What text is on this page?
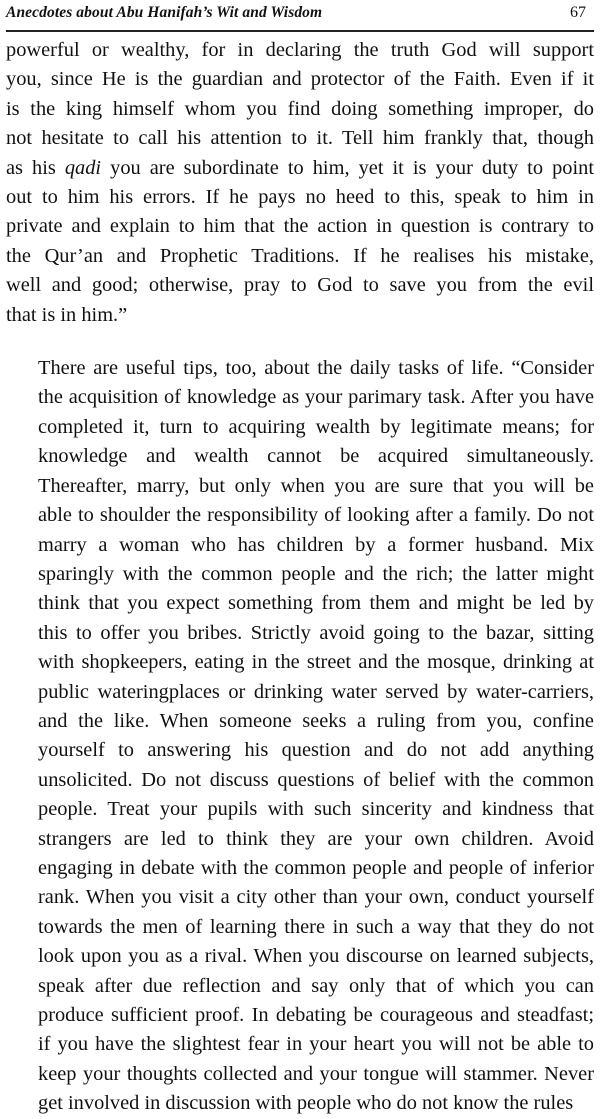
Anecdotes about Abu Hanifah’s Wit and Wisdom	67
powerful or wealthy, for in declaring the truth God will support
you, since He is the guardian and protector of the Faith. Even if it
is the king himself whom you find doing something improper, do
not hesitate to call his attention to it. Tell him frankly that, though
as his qadi you are subordinate to him, yet it is your duty to point
out to him his errors. If he pays no heed to this, speak to him in
private and explain to him that the action in question is contrary to
the Qur’an and Prophetic Traditions. If he realises his mistake,
well and good; otherwise, pray to God to save you from the evil
that is in him.”
There are useful tips, too, about the daily tasks of life. “Consider
the acquisition of knowledge as your parimary task. After you have
completed it, turn to acquiring wealth by legitimate means; for
knowledge and wealth cannot be acquired simultaneously.
Thereafter, marry, but only when you are sure that you will be
able to shoulder the responsibility of looking after a family. Do not
marry a woman who has children by a former husband. Mix
sparingly with the common people and the rich; the latter might
think that you expect something from them and might be led by
this to offer you bribes. Strictly avoid going to the bazar, sitting
with shopkeepers, eating in the street and the mosque, drinking at
public wateringplaces or drinking water served by water-carriers,
and the like. When someone seeks a ruling from you, confine
yourself to answering his question and do not add anything
unsolicited. Do not discuss questions of belief with the common
people. Treat your pupils with such sincerity and kindness that
strangers are led to think they are your own children. Avoid
engaging in debate with the common people and people of inferior
rank. When you visit a city other than your own, conduct yourself
towards the men of learning there in such a way that they do not
look upon you as a rival. When you discourse on learned subjects,
speak after due reflection and say only that of which you can
produce sufficient proof. In debating be courageous and steadfast;
if you have the slightest fear in your heart you will not be able to
keep your thoughts collected and your tongue will stammer. Never
get involved in discussion with people who do not know the rules
